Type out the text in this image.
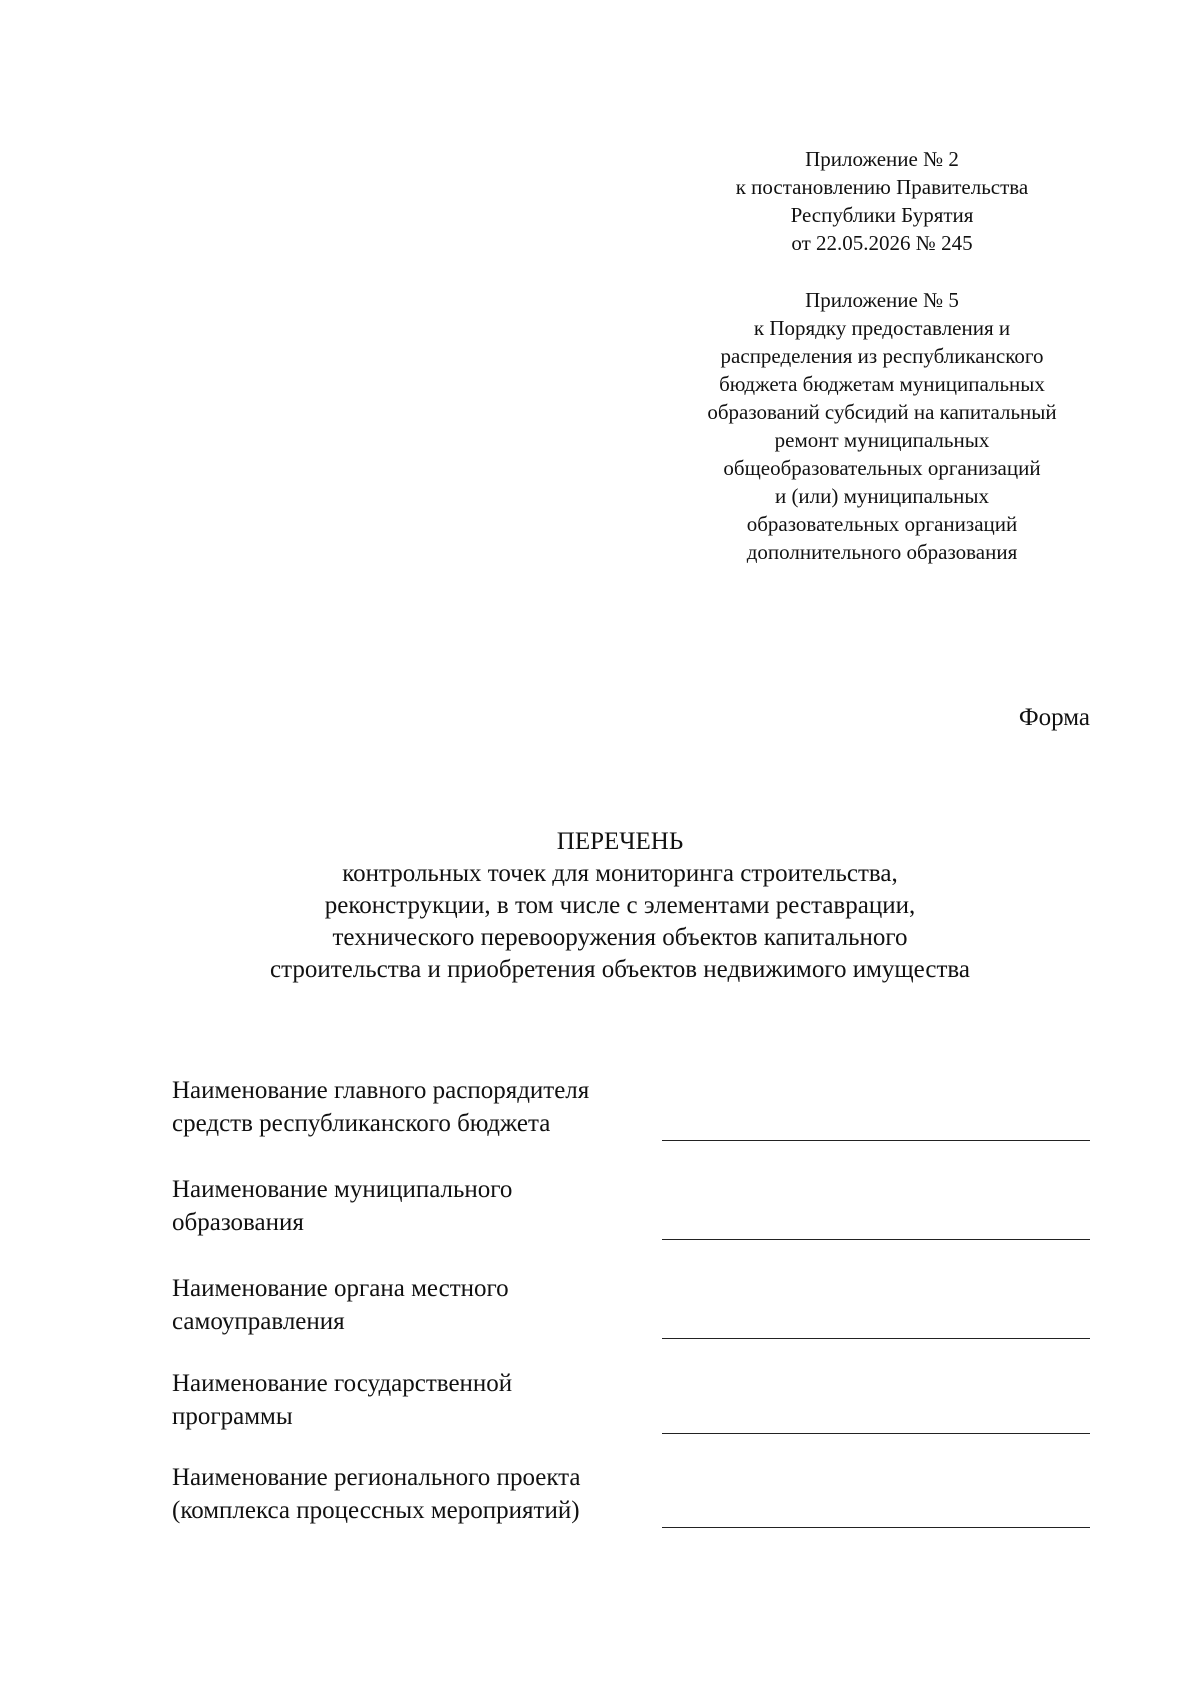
Приложение № 2
к постановлению Правительства
Республики Бурятия
от 22.05.2026 № 245
Приложение № 5
к Порядку предоставления и
распределения из республиканского
бюджета бюджетам муниципальных
образований субсидий на капитальный
ремонт муниципальных
общеобразовательных организаций
и (или) муниципальных
образовательных организаций
дополнительного образования
Форма
ПЕРЕЧЕНЬ
контрольных точек для мониторинга строительства,
реконструкции, в том числе с элементами реставрации,
технического перевооружения объектов капитального
строительства и приобретения объектов недвижимого имущества
Наименование главного распорядителя
средств республиканского бюджета
Наименование муниципального
образования
Наименование органа местного
самоуправления
Наименование государственной
программы
Наименование регионального проекта
(комплекса процессных мероприятий)
